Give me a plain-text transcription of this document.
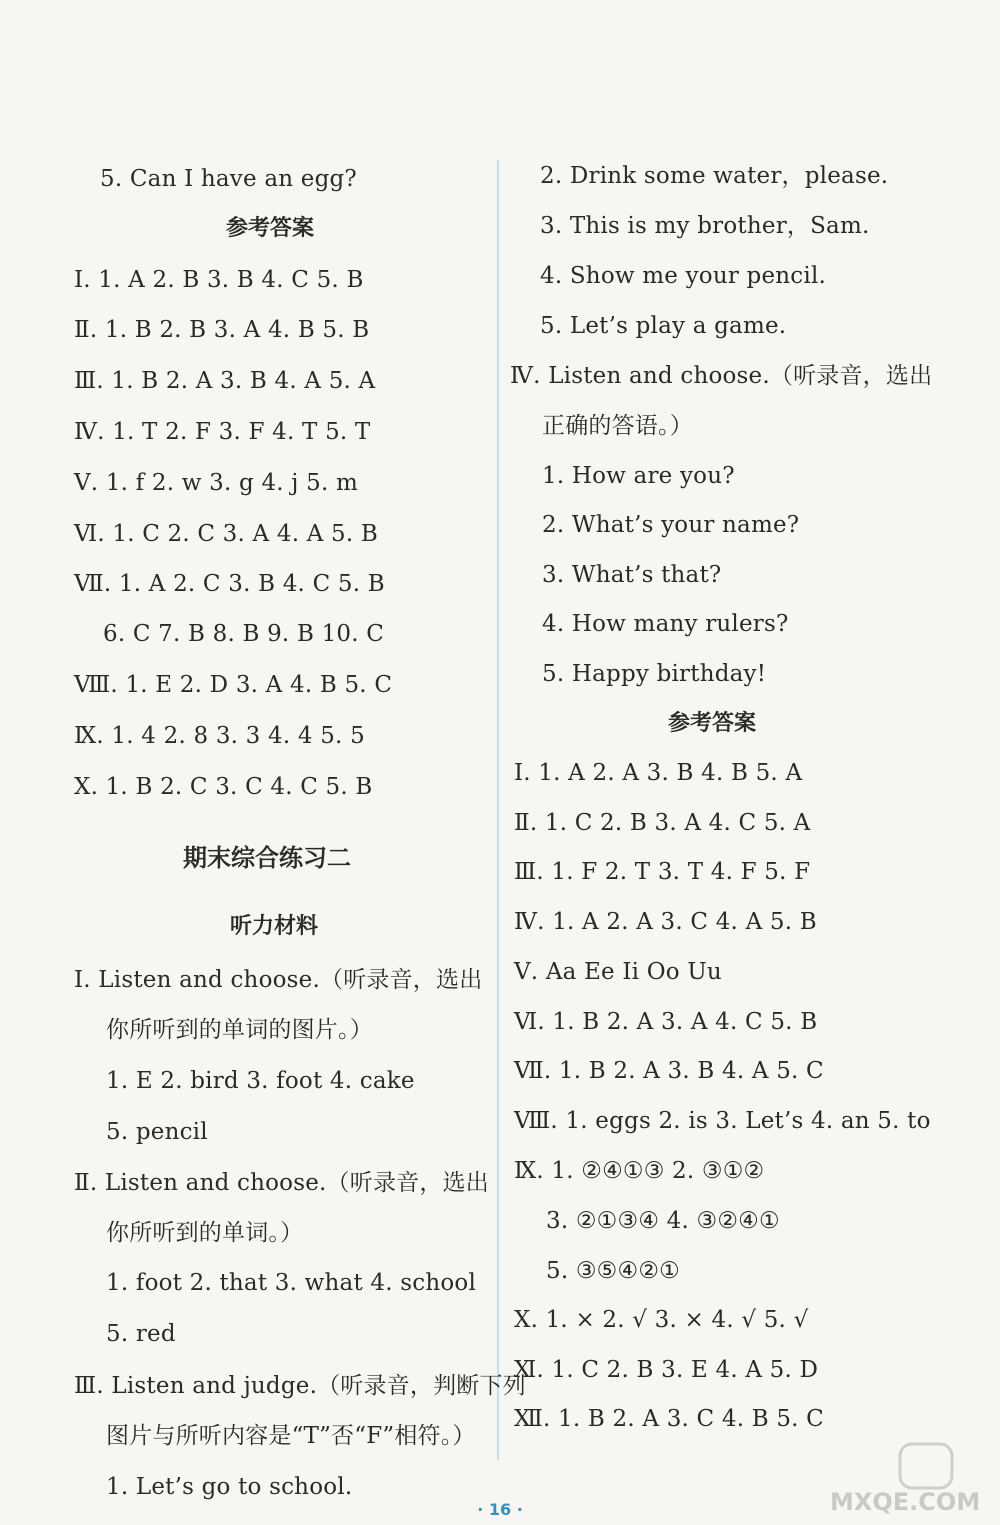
5. Can I have an egg?
参考答案
Ⅰ. 1. A 2. B 3. B 4. C 5. B
Ⅱ. 1. B 2. B 3. A 4. B 5. B
Ⅲ. 1. B 2. A 3. B 4. A 5. A
Ⅳ. 1. T 2. F 3. F 4. T 5. T
Ⅴ. 1. f 2. w 3. g 4. j 5. m
Ⅵ. 1. C 2. C 3. A 4. A 5. B
Ⅶ. 1. A 2. C 3. B 4. C 5. B
6. C 7. B 8. B 9. B 10. C
Ⅷ. 1. E 2. D 3. A 4. B 5. C
Ⅸ. 1. 4 2. 8 3. 3 4. 4 5. 5
Ⅹ. 1. B 2. C 3. C 4. C 5. B
期末综合练习二
听力材料
Ⅰ. Listen and choose.（听录音，选出
你所听到的单词的图片。）
1. E 2. bird 3. foot 4. cake
5. pencil
Ⅱ. Listen and choose.（听录音，选出
你所听到的单词。）
1. foot 2. that 3. what 4. school
5. red
Ⅲ. Listen and judge.（听录音，判断下列
图片与所听内容是“T”否“F”相符。）
1. Let’s go to school.
2. Drink some water，please.
3. This is my brother，Sam.
4. Show me your pencil.
5. Let’s play a game.
Ⅳ. Listen and choose.（听录音，选出
正确的答语。）
1. How are you?
2. What’s your name?
3. What’s that?
4. How many rulers?
5. Happy birthday!
参考答案
Ⅰ. 1. A 2. A 3. B 4. B 5. A
Ⅱ. 1. C 2. B 3. A 4. C 5. A
Ⅲ. 1. F 2. T 3. T 4. F 5. F
Ⅳ. 1. A 2. A 3. C 4. A 5. B
Ⅴ. Aa Ee Ii Oo Uu
Ⅵ. 1. B 2. A 3. A 4. C 5. B
Ⅶ. 1. B 2. A 3. B 4. A 5. C
Ⅷ. 1. eggs 2. is 3. Let’s 4. an 5. to
Ⅸ. 1. ②④①③ 2. ③①②
3. ②①③④ 4. ③②④①
5. ③⑤④②①
Ⅹ. 1. × 2. √ 3. × 4. √ 5. √
Ⅺ. 1. C 2. B 3. E 4. A 5. D
Ⅻ. 1. B 2. A 3. C 4. B 5. C
· 16 ·	MXQE.COM
